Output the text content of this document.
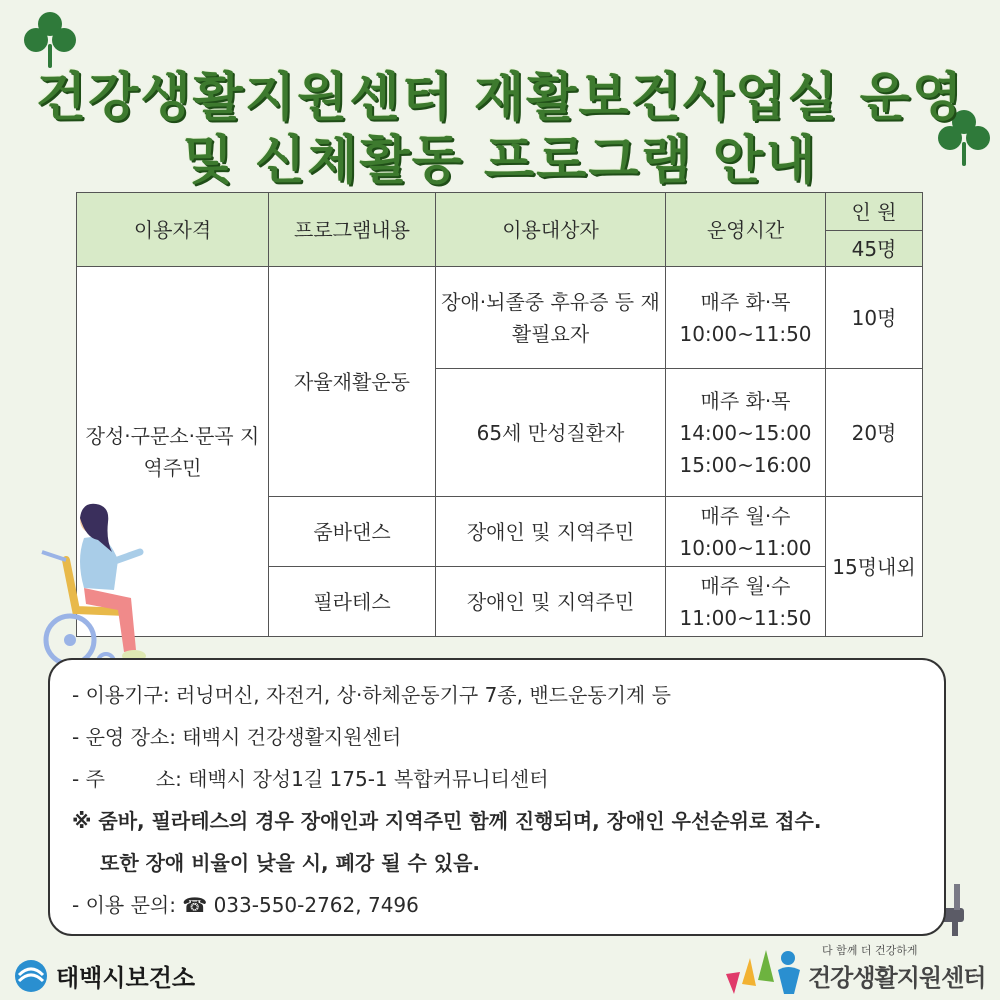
건강생활지원센터 재활보건사업실 운영
및 신체활동 프로그램 안내
이용자격	프로그램내용	이용대상자	운영시간	인 원
				45명
장성·구문소·문곡 지역주민	자율재활운동	장애·뇌졸중 후유증 등 재활필요자	매주 화·목 10:00~11:50	10명
		65세 만성질환자	매주 화·목 14:00~15:00 15:00~16:00	20명
	줌바댄스	장애인 및 지역주민	매주 월·수 10:00~11:00	15명내외
	필라테스	장애인 및 지역주민	매주 월·수 11:00~11:50	
- 이용기구: 러닝머신, 자전거, 상·하체운동기구 7종, 밴드운동기계 등
- 운영 장소: 태백시 건강생활지원센터
- 주        소: 태백시 장성1길 175-1 복합커뮤니티센터
※ 줌바, 필라테스의 경우 장애인과 지역주민 함께 진행되며, 장애인 우선순위로 접수.
또한 장애 비율이 낮을 시, 폐강 될 수 있음.
- 이용 문의: ☎ 033-550-2762, 7496
태백시보건소
다 함께 더 건강하게
건강생활지원센터
